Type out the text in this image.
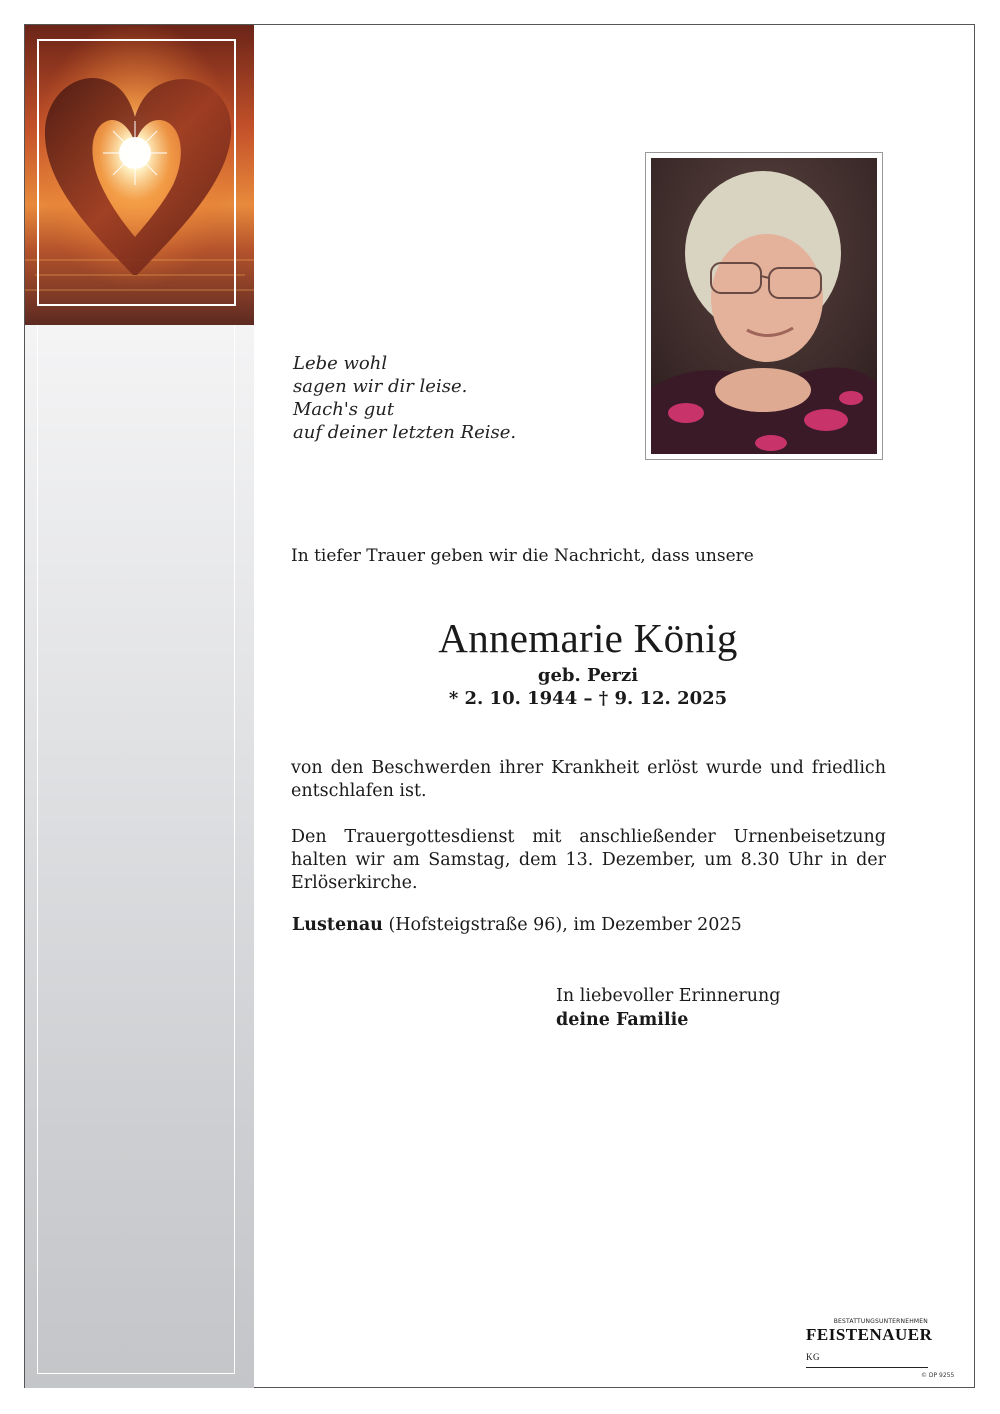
Lebe wohl
sagen wir dir leise.
Mach's gut
auf deiner letzten Reise.
In tiefer Trauer geben wir die Nachricht, dass unsere
Annemarie König
geb. Perzi
* 2. 10. 1944 – † 9. 12. 2025
von den Beschwerden ihrer Krankheit erlöst wurde und friedlich entschlafen ist.
Den Trauergottesdienst mit anschließender Urnenbeisetzung halten wir am Samstag, dem 13. Dezember, um 8.30 Uhr in der Erlöserkirche.
Lustenau (Hofsteigstraße 96), im Dezember 2025
In liebevoller Erinnerung
deine Familie
BESTATTUNGSUNTERNEHMEN
FEISTENAUER KG
© DP 9255
